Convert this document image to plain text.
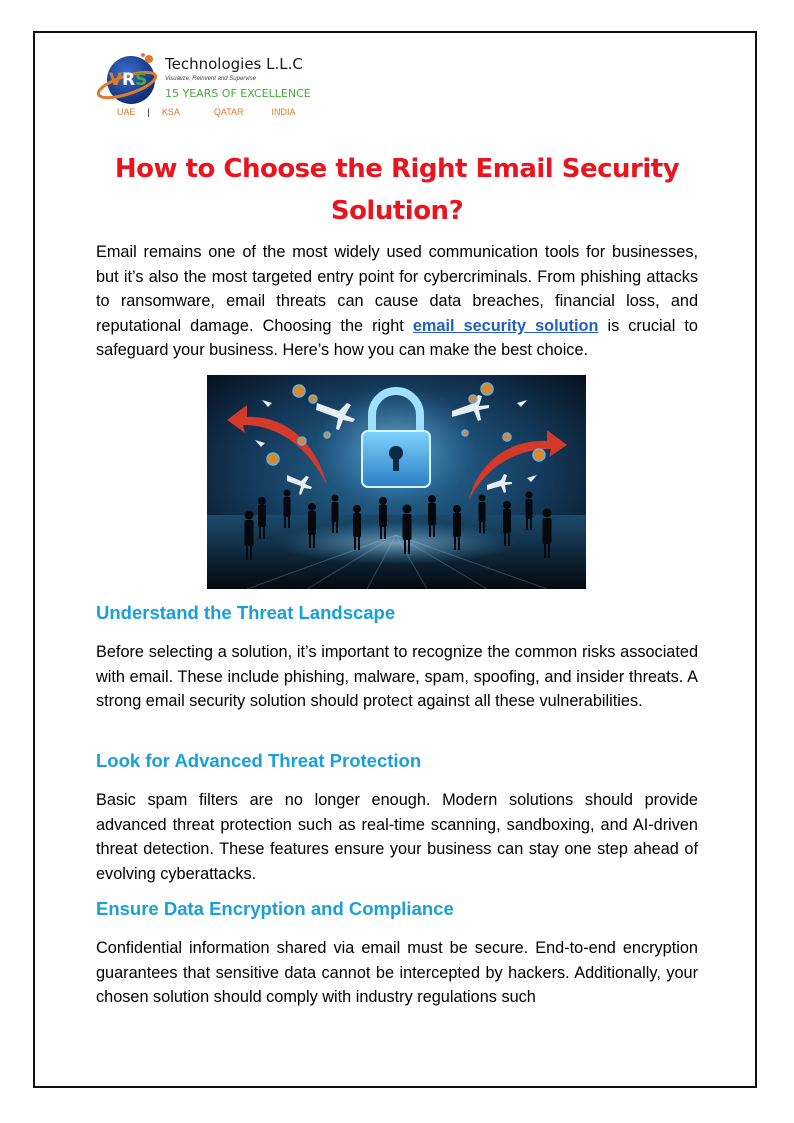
V R S
Technologies L.L.C
Visualize, Reinvent and Supervise
15 YEARS OF EXCELLENCE
UAE | KSA	QATAR	INDIA
How to Choose the Right Email Security Solution?

Email remains one of the most widely used communication tools for businesses, but it’s also the most targeted entry point for cybercriminals. From phishing attacks to ransomware, email threats can cause data breaches, financial loss, and reputational damage. Choosing the right email security solution is crucial to safeguard your business. Here’s how you can make the best choice.

Understand the Threat Landscape

Before selecting a solution, it’s important to recognize the common risks associated with email. These include phishing, malware, spam, spoofing, and insider threats. A strong email security solution should protect against all these vulnerabilities.

Look for Advanced Threat Protection

Basic spam filters are no longer enough. Modern solutions should provide advanced threat protection such as real-time scanning, sandboxing, and AI-driven threat detection. These features ensure your business can stay one step ahead of evolving cyberattacks.

Ensure Data Encryption and Compliance

Confidential information shared via email must be secure. End-to-end encryption guarantees that sensitive data cannot be intercepted by hackers. Additionally, your chosen solution should comply with industry regulations such
